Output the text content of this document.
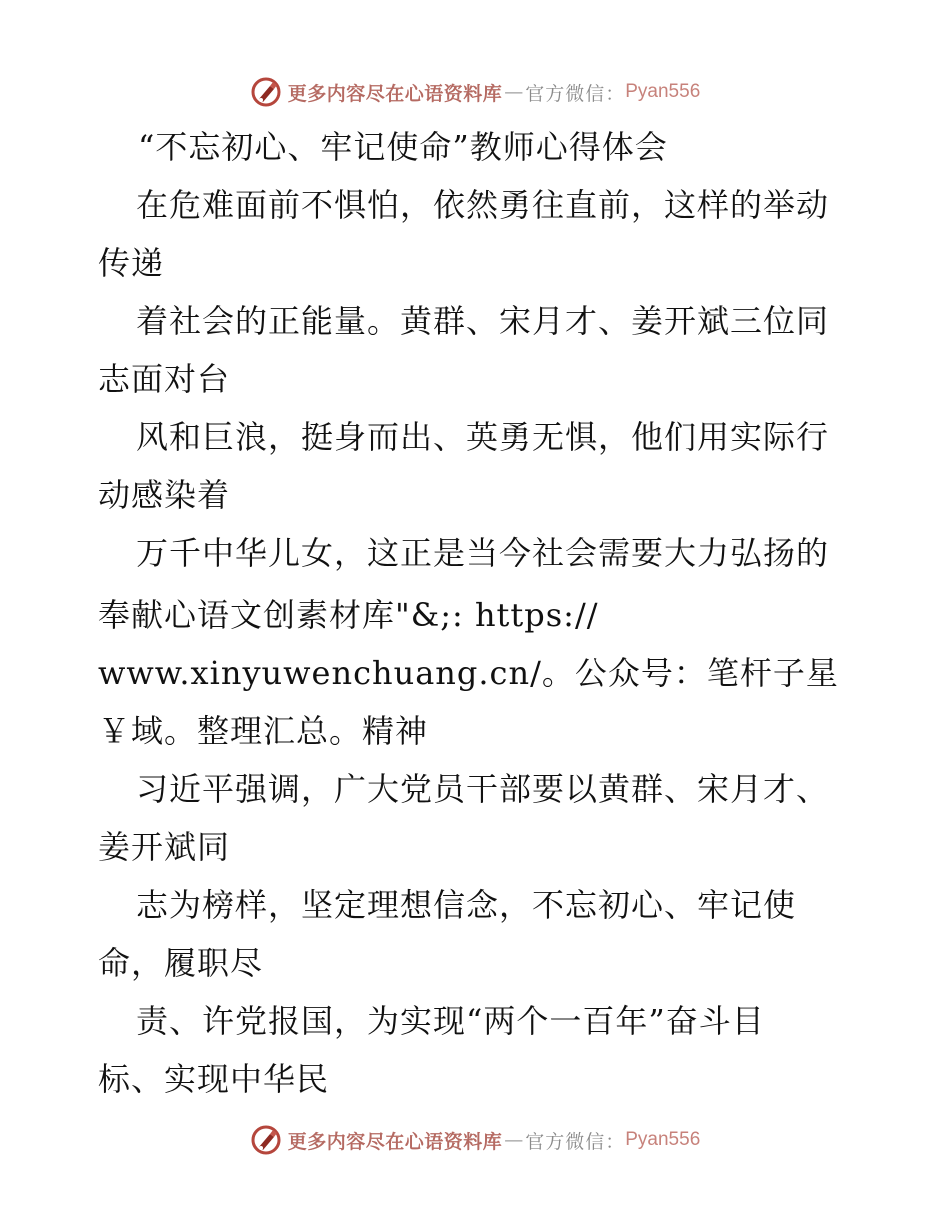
更多内容尽在心语资料库 — 官方微信： Pyan556
“不忘初心、牢记使命”教师心得体会
在危难面前不惧怕，依然勇往直前，这样的举动
传递
着社会的正能量。黄群、宋月才、姜开斌三位同
志面对台
风和巨浪，挺身而出、英勇无惧，他们用实际行
动感染着
万千中华儿女，这正是当今社会需要大力弘扬的
奉献心语文创素材库"&;: https://
www.xinyuwenchuang.cn/。公众号：笔杆子星
￥域。整理汇总。精神
习近平强调，广大党员干部要以黄群、宋月才、
姜开斌同
志为榜样，坚定理想信念，不忘初心、牢记使
命，履职尽
责、许党报国，为实现“两个一百年”奋斗目
标、实现中华民
更多内容尽在心语资料库 — 官方微信： Pyan556
